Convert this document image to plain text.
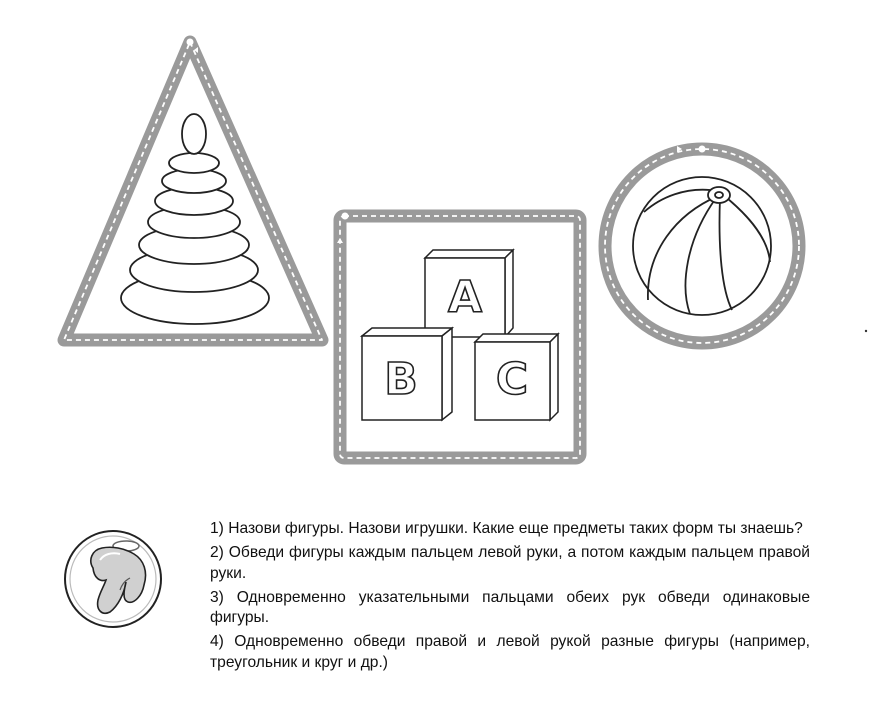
A
B C

1) Назови фигуры. Назови игрушки. Какие еще предметы таких форм ты знаешь?

2) Обведи фигуры каждым пальцем левой руки, а потом каждым пальцем правой руки.

3) Одновременно указательными пальцами обеих рук обведи одинаковые фигуры.

4) Одновременно обведи правой и левой рукой разные фигуры (например, треугольник и круг и др.)
